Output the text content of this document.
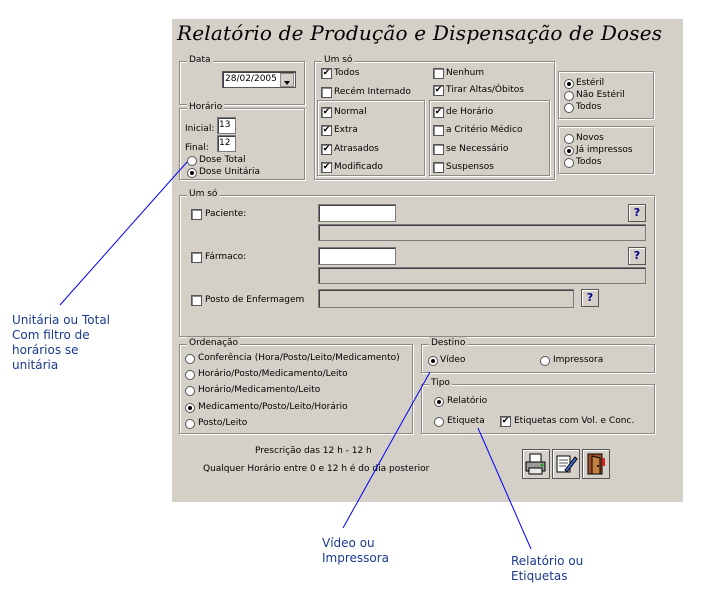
Relatório de Produção e Dispensação de Doses
Data
28/02/2005
Horário
Inicial: 13
Final: 12
Dose Total
Dose Unitária
Um só
✔ Todos
Recém Internado
✔ Normal
✔ Extra
✔ Atrasados
✔ Modificado
Nenhum
✔ Tirar Altas/Óbitos
✔ de Horário
a Critério Médico
se Necessário
Suspensos
Estéril
Não Estéril
Todos
Novos
Já impressos
Todos
Um só
Paciente:	?
Fármaco:	?
Posto de Enfermagem	?
Ordenação
Conferência (Hora/Posto/Leito/Medicamento)
Horário/Posto/Medicamento/Leito
Horário/Medicamento/Leito
Medicamento/Posto/Leito/Horário
Posto/Leito
Destino
Vídeo	Impressora
Tipo
Relatório
Etiqueta ✔ Etiquetas com Vol. e Conc.
Prescrição das 12 h - 12 h
Qualquer Horário entre 0 e 12 h é do dia posterior
Unitária ou Total
Com filtro de
horários se
unitária
Vídeo ou
Impressora	Relatório ou
Etiquetas
